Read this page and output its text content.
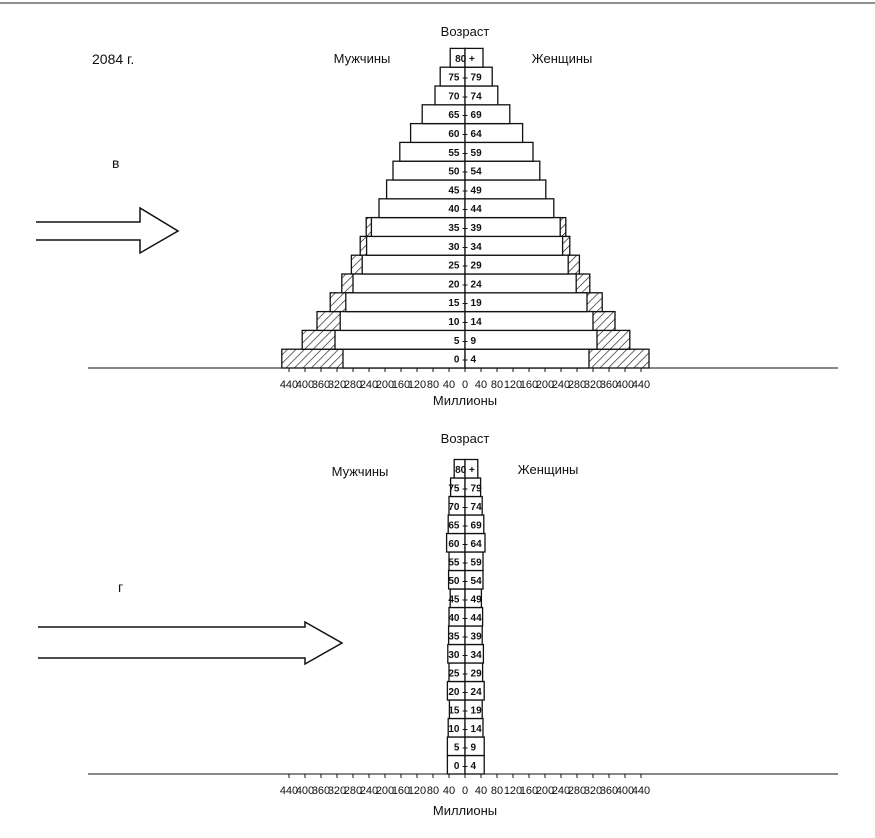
2084 г.
Возраст
Мужчины	Женщины
в
0 – 4
5 – 9
10 – 14
15 – 19
20 – 24
25 – 29
30 – 34
35 – 39
40 – 44
45 – 49
50 – 54
55 – 59
60 – 64
65 – 69
70 – 74
75 – 79
80 +
440
400
360
320
280
240
200
160
120 80 40 0 40 80 120
160
200
240
280
320
360
400
440
Миллионы
Возраст
Мужчины	Женщины
г
0 – 4
5 – 9
10 – 14
15 – 19
20 – 24
25 – 29
30 – 34
35 – 39
40 – 44
45 – 49
50 – 54
55 – 59
60 – 64
65 – 69
70 – 74
75 – 79
80 +
440
400
360
320
280
240
200
160
120 80 40 0 40 80 120
160
200
240
280
320
360
400
440
Миллионы
